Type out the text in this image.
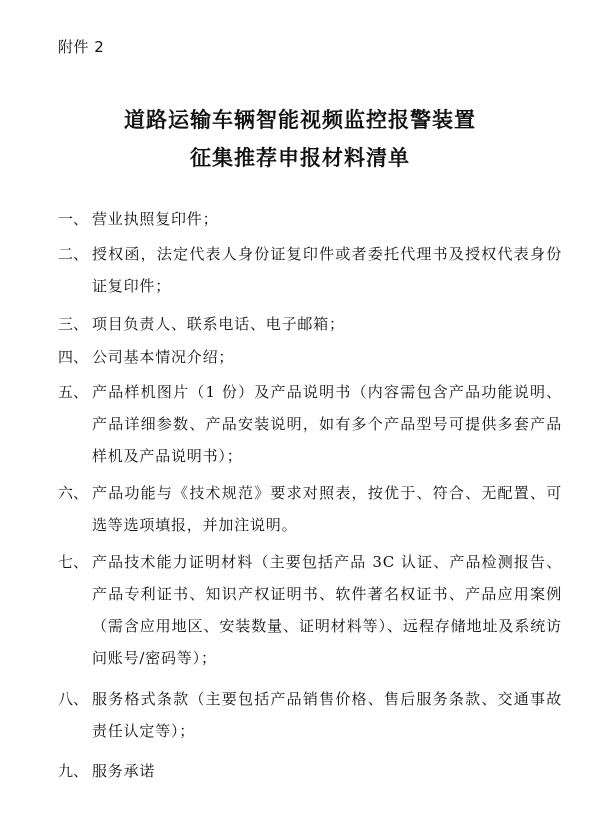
附件 2
道路运输车辆智能视频监控报警装置
征集推荐申报材料清单
一、 营业执照复印件；
二、 授权函，法定代表人身份证复印件或者委托代理书及授权代表身份证复印件；
三、 项目负责人、联系电话、电子邮箱；
四、 公司基本情况介绍；
五、 产品样机图片（1 份）及产品说明书（内容需包含产品功能说明、产品详细参数、产品安装说明，如有多个产品型号可提供多套产品样机及产品说明书）；
六、 产品功能与《技术规范》要求对照表，按优于、符合、无配置、可选等选项填报，并加注说明。
七、 产品技术能力证明材料（主要包括产品 3C 认证、产品检测报告、产品专利证书、知识产权证明书、软件著名权证书、产品应用案例（需含应用地区、安装数量、证明材料等）、远程存储地址及系统访问账号/密码等）；
八、 服务格式条款（主要包括产品销售价格、售后服务条款、交通事故责任认定等）；
九、 服务承诺
